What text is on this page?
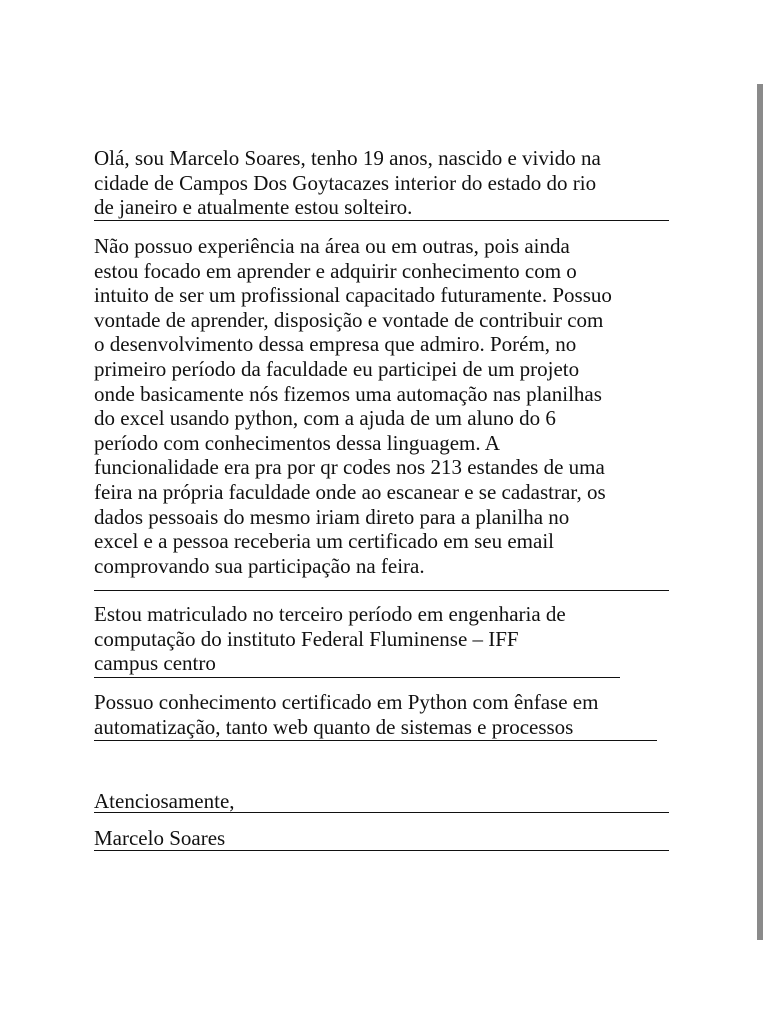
Olá, sou Marcelo Soares, tenho 19 anos, nascido e vivido na
cidade de Campos Dos Goytacazes interior do estado do rio
de janeiro e atualmente estou solteiro.
Não possuo experiência na área ou em outras, pois ainda
estou focado em aprender e adquirir conhecimento com o
intuito de ser um profissional capacitado futuramente. Possuo
vontade de aprender, disposição e vontade de contribuir com
o desenvolvimento dessa empresa que admiro. Porém, no
primeiro período da faculdade eu participei de um projeto
onde basicamente nós fizemos uma automação nas planilhas
do excel usando python, com a ajuda de um aluno do 6
período com conhecimentos dessa linguagem. A
funcionalidade era pra por qr codes nos 213 estandes de uma
feira na própria faculdade onde ao escanear e se cadastrar, os
dados pessoais do mesmo iriam direto para a planilha no
excel e a pessoa receberia um certificado em seu email
comprovando sua participação na feira.
Estou matriculado no terceiro período em engenharia de
computação do instituto Federal Fluminense – IFF
campus centro
Possuo conhecimento certificado em Python com ênfase em
automatização, tanto web quanto de sistemas e processos
Atenciosamente,
Marcelo Soares
